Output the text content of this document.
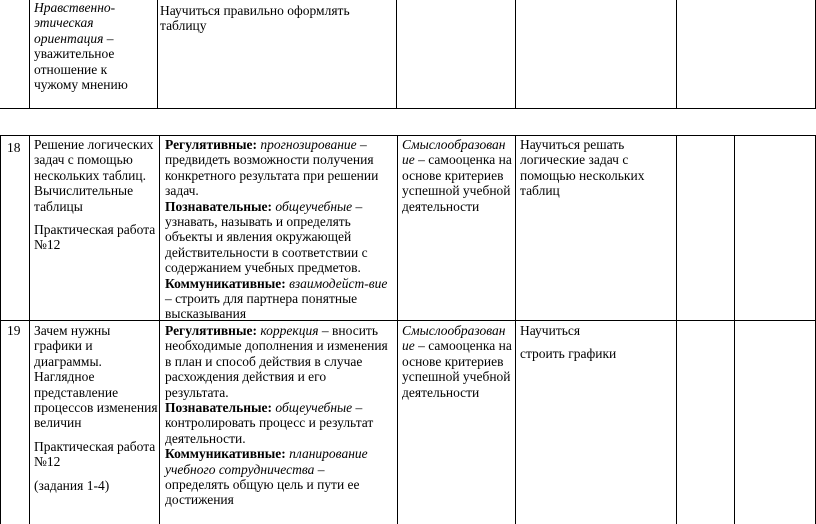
Нравственно-этическая ориентация – уважительное отношение к чужому мнению
Научиться правильно оформлять таблицу
18	Решение логических задач с помощью нескольких таблиц. Вычислительные таблицы

Практическая работа №12

Регулятивные: прогнозирование – предвидеть возможности получения конкретного результата при решении задач.

Познавательные: общеучебные – узнавать, называть и определять объекты и явления окружающей действительности в соответствии с содержанием учебных предметов.

Коммуникативные: взаимодейст-вие – строить для партнера понятные высказывания

Смыслообразован ие – самооценка на основе критериев успешной учебной деятельности
Научиться решать логические задач с помощью нескольких таблиц
19	Зачем нужны графики и диаграммы. Наглядное представление процессов изменения величин

Практическая работа №12

(задания 1-4)

Регулятивные: коррекция – вносить необходимые дополнения и изменения

в план и способ действия в случае расхождения действия и его результата.

Познавательные: общеучебные – контролировать процесс и результат деятельности.

Коммуникативные: планирование учебного сотрудничества – определять общую цель и пути ее достижения

Смыслообразован ие – самооценка на основе критериев успешной учебной деятельности

Научиться

строить графики
